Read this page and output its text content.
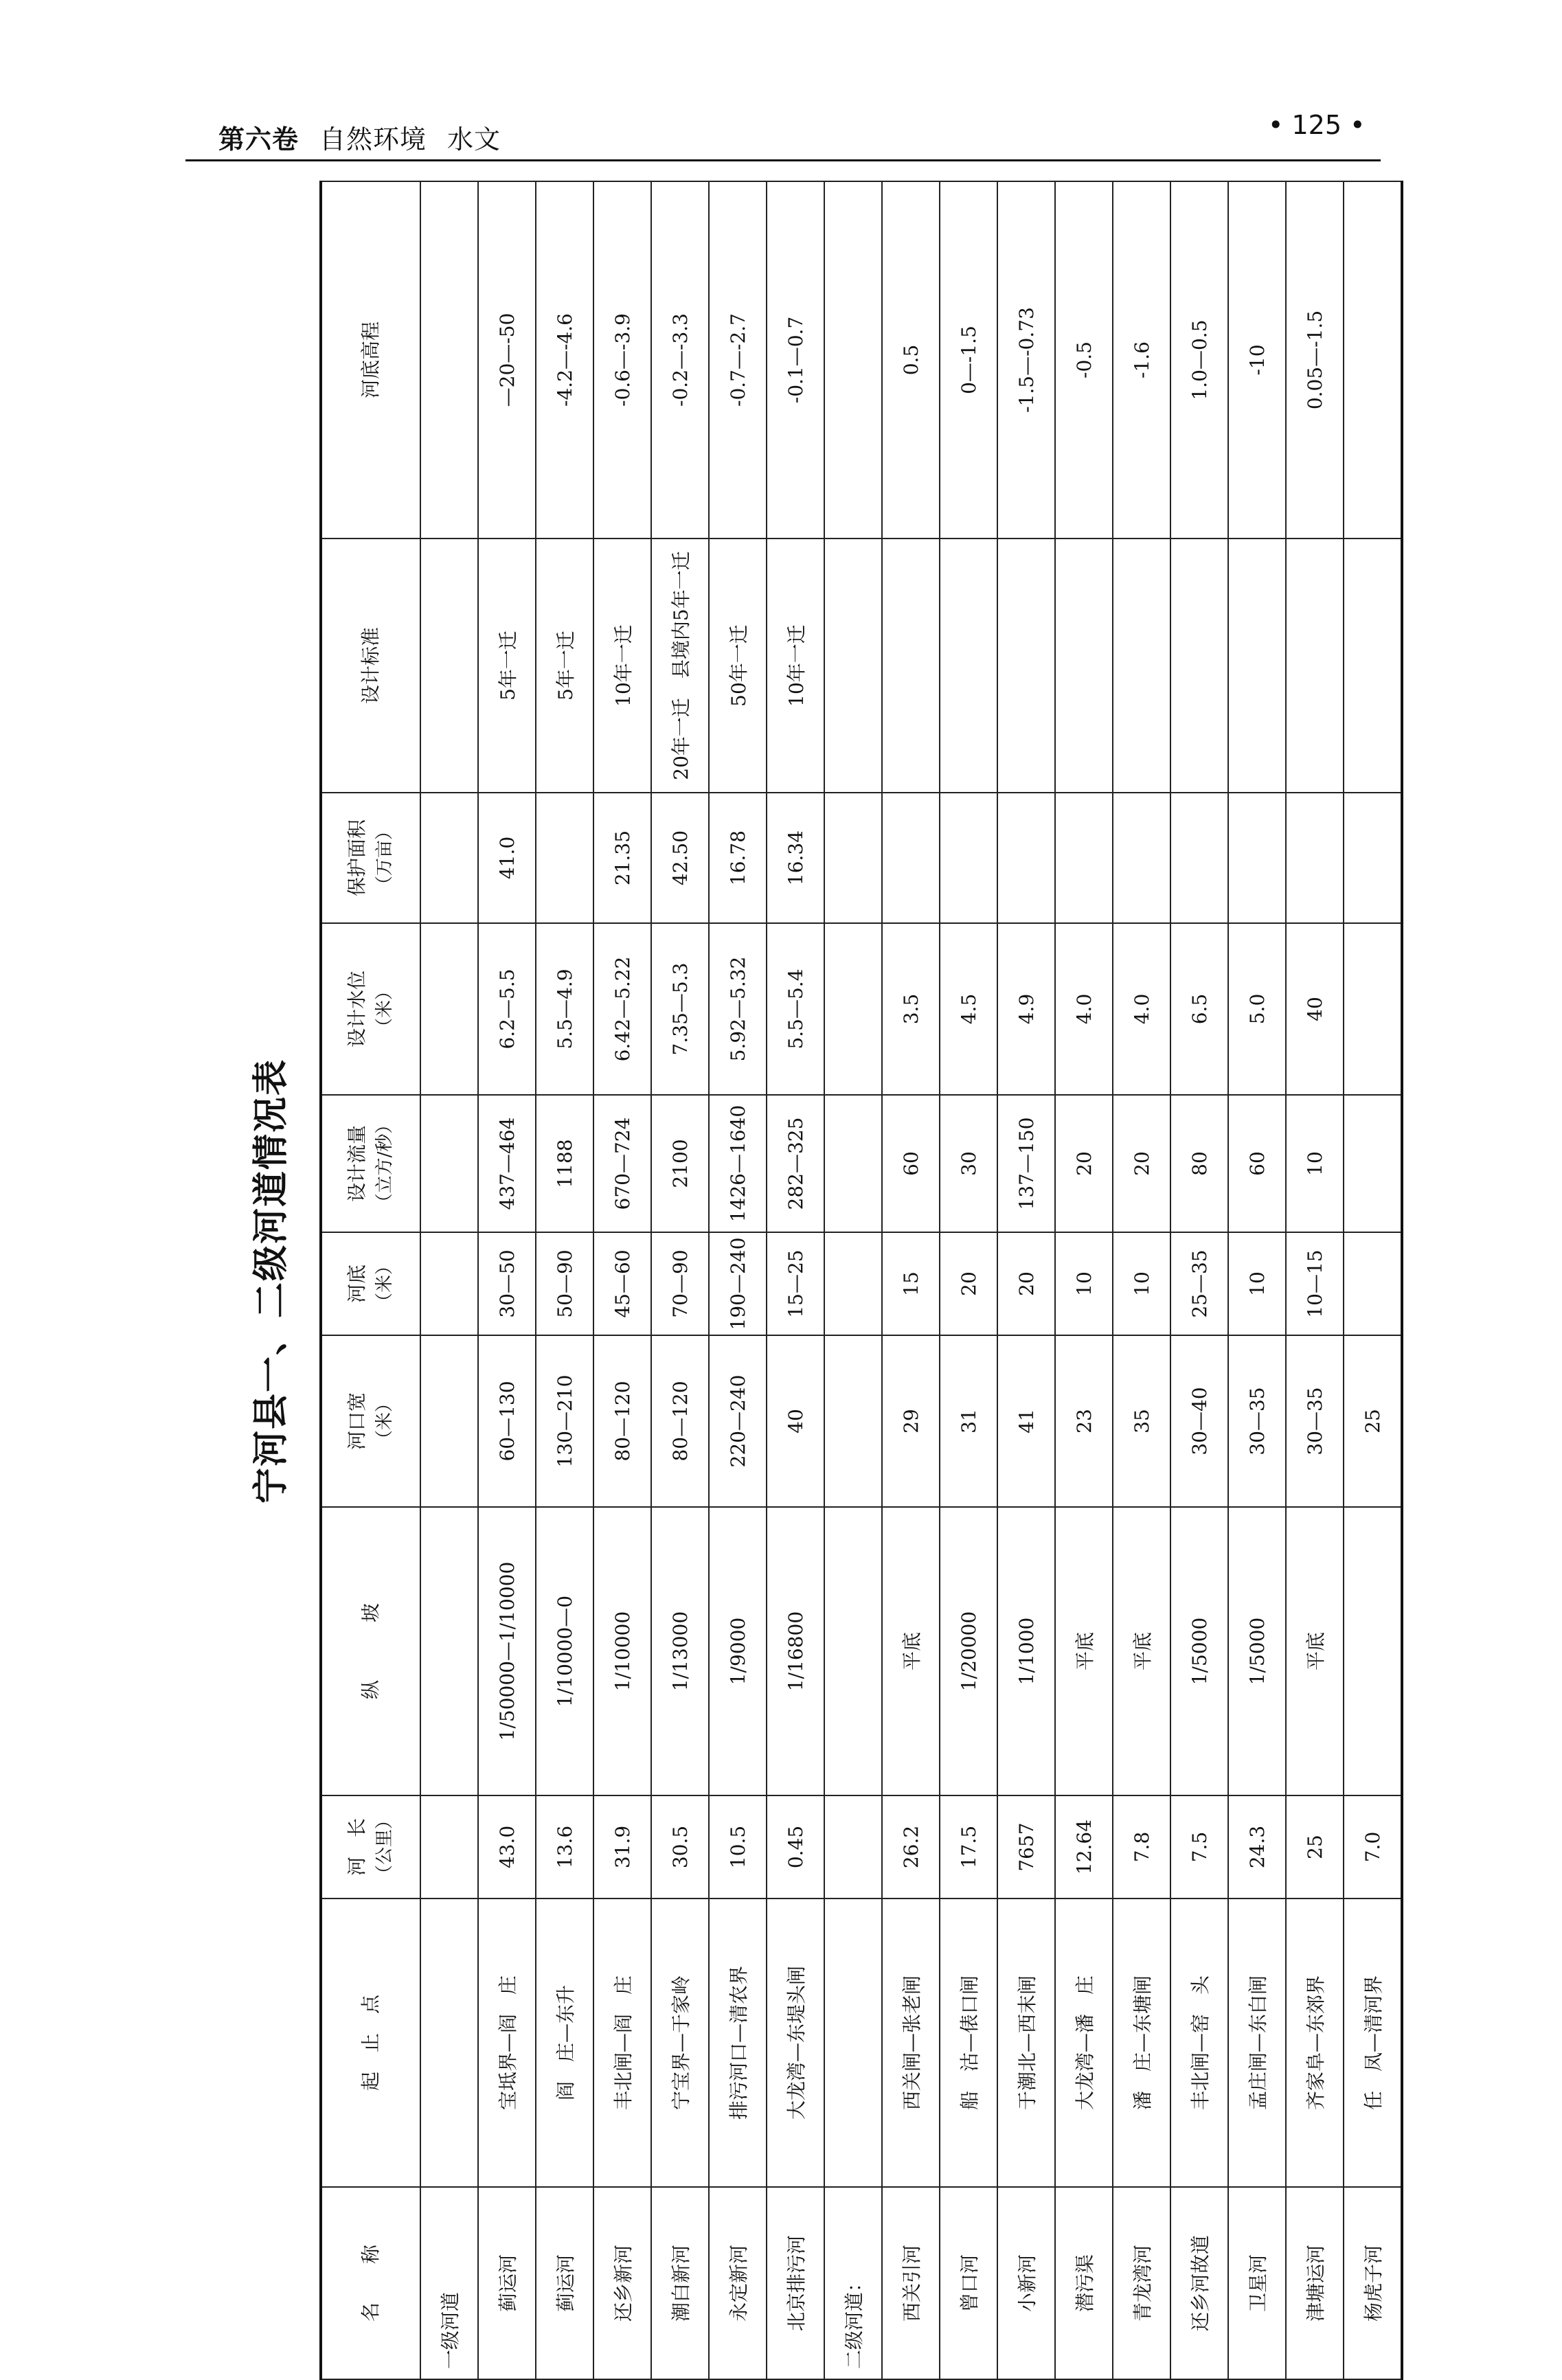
第六卷 自然环境 水文	• 125 •
宁河县一、二级河道情况表
名　　称	起　止　点	河　长 （公里）	纵　　　坡	河口宽 （米）	河底 （米）	设计流量 （立方/秒）	设计水位 （米）	保护面积 （万亩）	设计标准	河底高程
一级河道										
蓟运河	宝坻界—阎　庄	43.0	1/50000—1/10000	60—130	30—50	437—464	6.2—5.5	41.0	5年一迁	—20—-50
蓟运河	阎　庄—东升	13.6	1/10000—0	130—210	50—90	1188	5.5—4.9		5年一迁	-4.2—-4.6
还乡新河	丰北闸—阎　庄	31.9	1/10000	80—120	45—60	670—724	6.42—5.22	21.35	10年一迁	-0.6—-3.9
潮白新河	宁宝界—于家岭	30.5	1/13000	80—120	70—90	2100	7.35—5.3	42.50	20年一迁　县境内5年一迁	-0.2—-3.3
永定新河	排污河口—清农界	10.5	1/9000	220—240	190—240	1426—1640	5.92—5.32	16.78	50年一迁	-0.7—-2.7
北京排污河	大龙湾—东堤头闸	0.45	1/16800	40	15—25	282—325	5.5—5.4	16.34	10年一迁	-0.1—0.7
二级河道：										
西关引河	西关闸—张老闸	26.2	平底	29	15	60	3.5			0.5
曾口河	船　沽—俵口闸	17.5	1/20000	31	20	30	4.5			0—-1.5
小新河	于潮北—西末闸	7657	1/1000	41	20	137—150	4.9			-1.5—-0.73
潜污渠	大龙湾—潘　庄	12.64	平底	23	10	20	4.0			-0.5
青龙湾河	潘　庄—东塘闸	7.8	平底	35	10	20	4.0			-1.6
还乡河故道	丰北闸—窑　头	7.5	1/5000	30—40	25—35	80	6.5			1.0—0.5
卫星河	孟庄闸—东白闸	24.3	1/5000	30—35	10	60	5.0			-10
津塘运河	齐家阜—东郊界	25	平底	30—35	10—15	10	40			0.05—-1.5
杨虎子河	任　凤—清河界	7.0		25						
